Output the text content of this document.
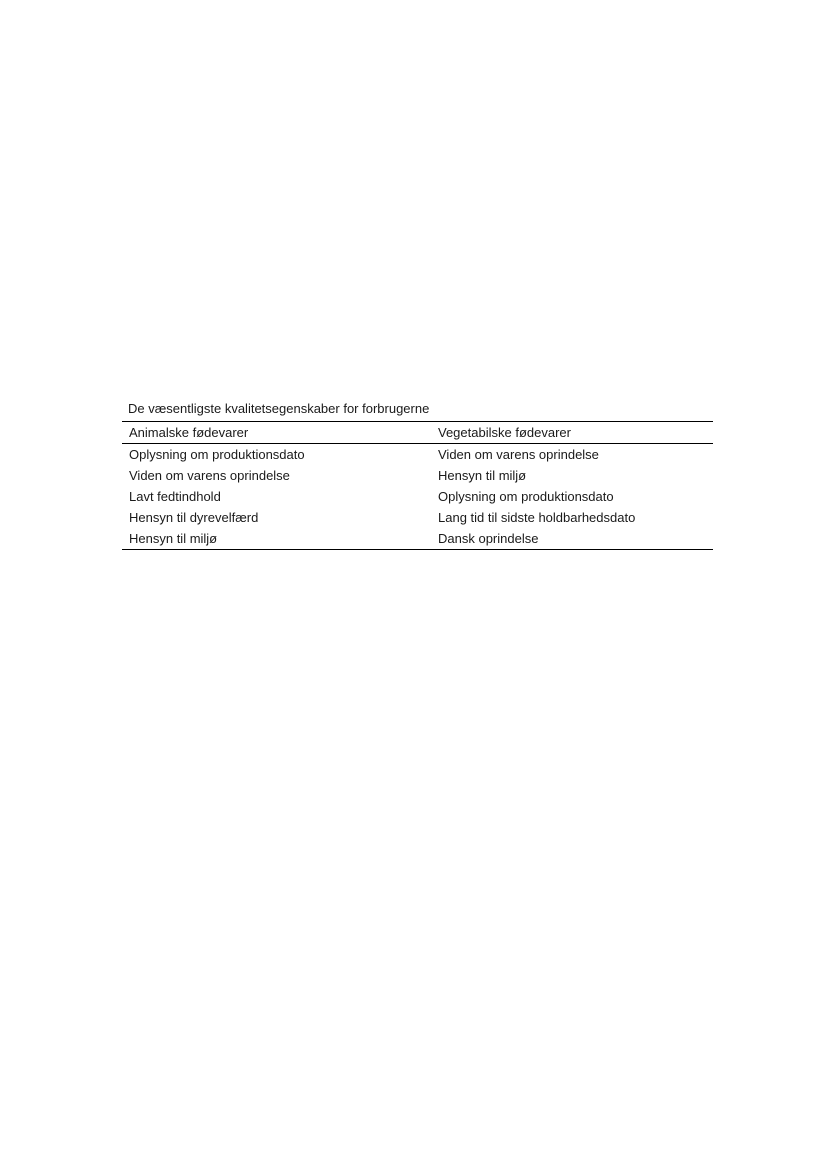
De væsentligste kvalitetsegenskaber for forbrugerne
Animalske fødevarer	Vegetabilske fødevarer
Oplysning om produktionsdato	Viden om varens oprindelse
Viden om varens oprindelse	Hensyn til miljø
Lavt fedtindhold	Oplysning om produktionsdato
Hensyn til dyrevelfærd	Lang tid til sidste holdbarhedsdato
Hensyn til miljø	Dansk oprindelse
